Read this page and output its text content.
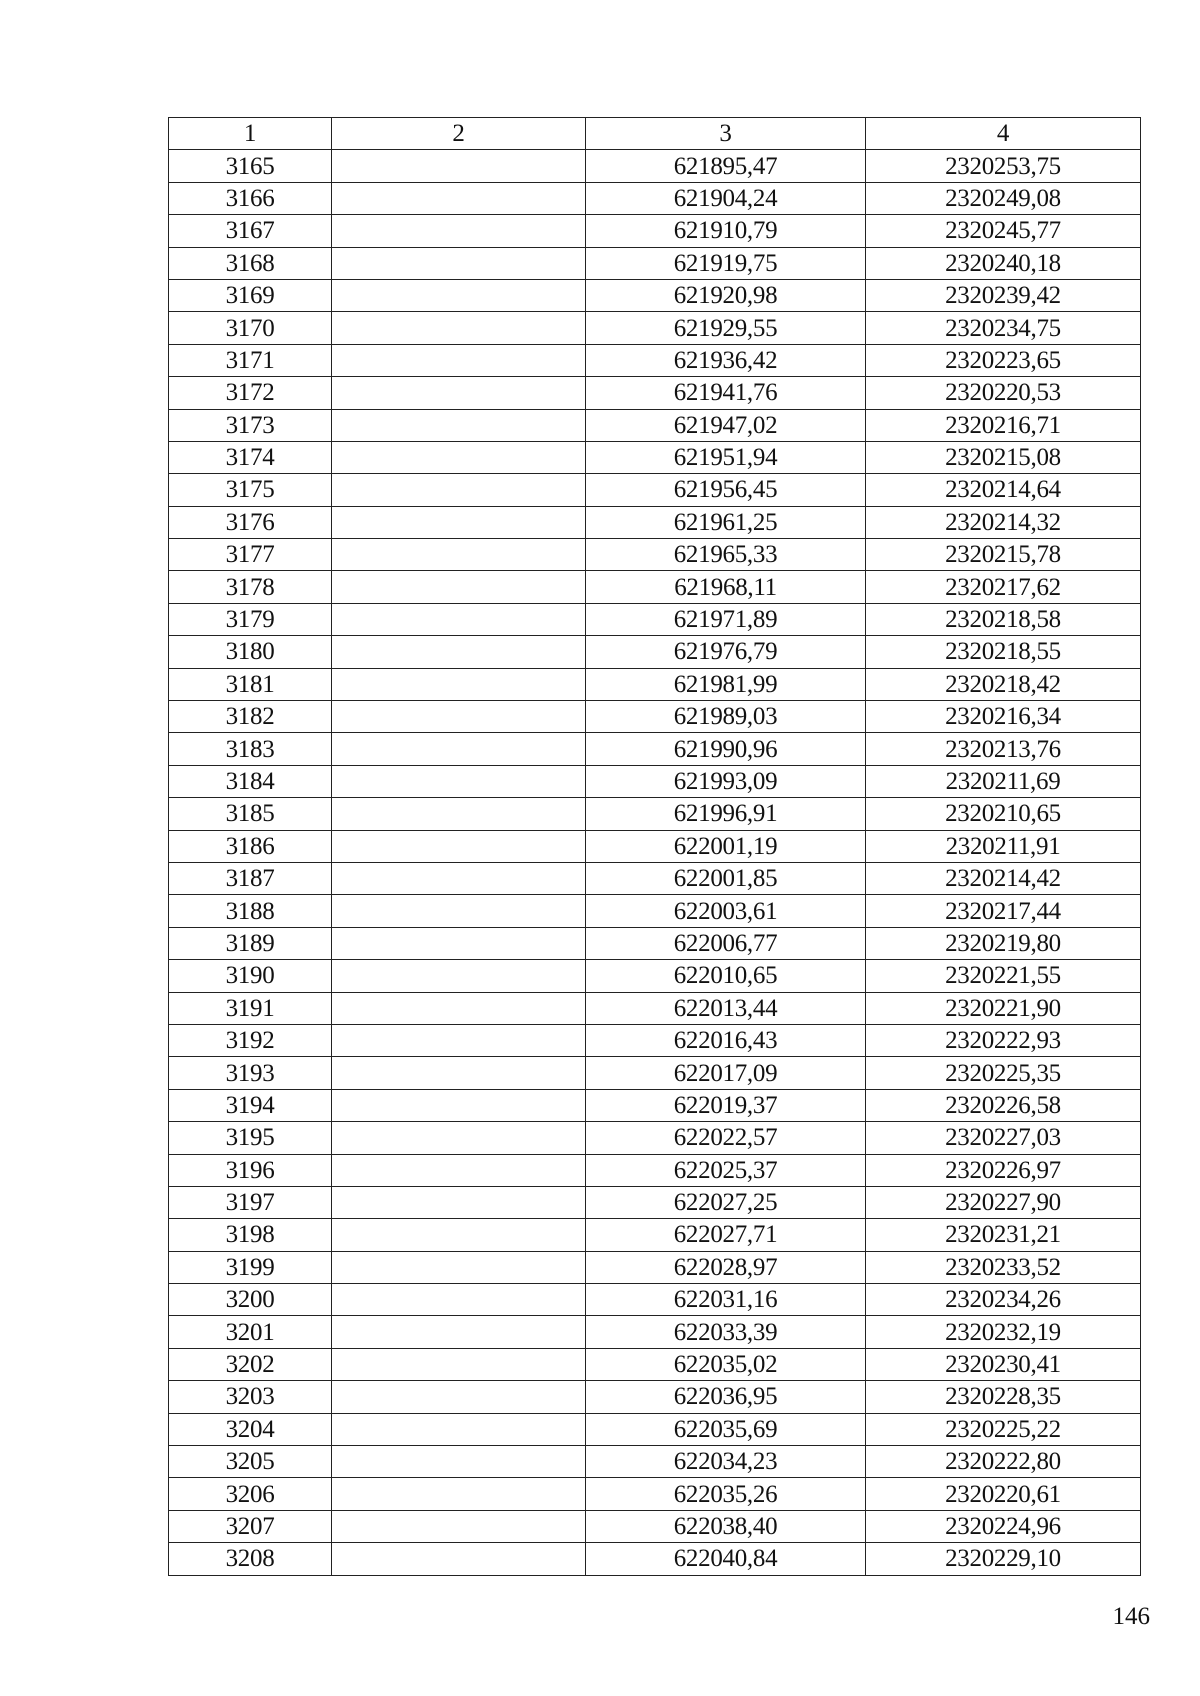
1	2	3	4
3165		621895,47	2320253,75
3166		621904,24	2320249,08
3167		621910,79	2320245,77
3168		621919,75	2320240,18
3169		621920,98	2320239,42
3170		621929,55	2320234,75
3171		621936,42	2320223,65
3172		621941,76	2320220,53
3173		621947,02	2320216,71
3174		621951,94	2320215,08
3175		621956,45	2320214,64
3176		621961,25	2320214,32
3177		621965,33	2320215,78
3178		621968,11	2320217,62
3179		621971,89	2320218,58
3180		621976,79	2320218,55
3181		621981,99	2320218,42
3182		621989,03	2320216,34
3183		621990,96	2320213,76
3184		621993,09	2320211,69
3185		621996,91	2320210,65
3186		622001,19	2320211,91
3187		622001,85	2320214,42
3188		622003,61	2320217,44
3189		622006,77	2320219,80
3190		622010,65	2320221,55
3191		622013,44	2320221,90
3192		622016,43	2320222,93
3193		622017,09	2320225,35
3194		622019,37	2320226,58
3195		622022,57	2320227,03
3196		622025,37	2320226,97
3197		622027,25	2320227,90
3198		622027,71	2320231,21
3199		622028,97	2320233,52
3200		622031,16	2320234,26
3201		622033,39	2320232,19
3202		622035,02	2320230,41
3203		622036,95	2320228,35
3204		622035,69	2320225,22
3205		622034,23	2320222,80
3206		622035,26	2320220,61
3207		622038,40	2320224,96
3208		622040,84	2320229,10
146
